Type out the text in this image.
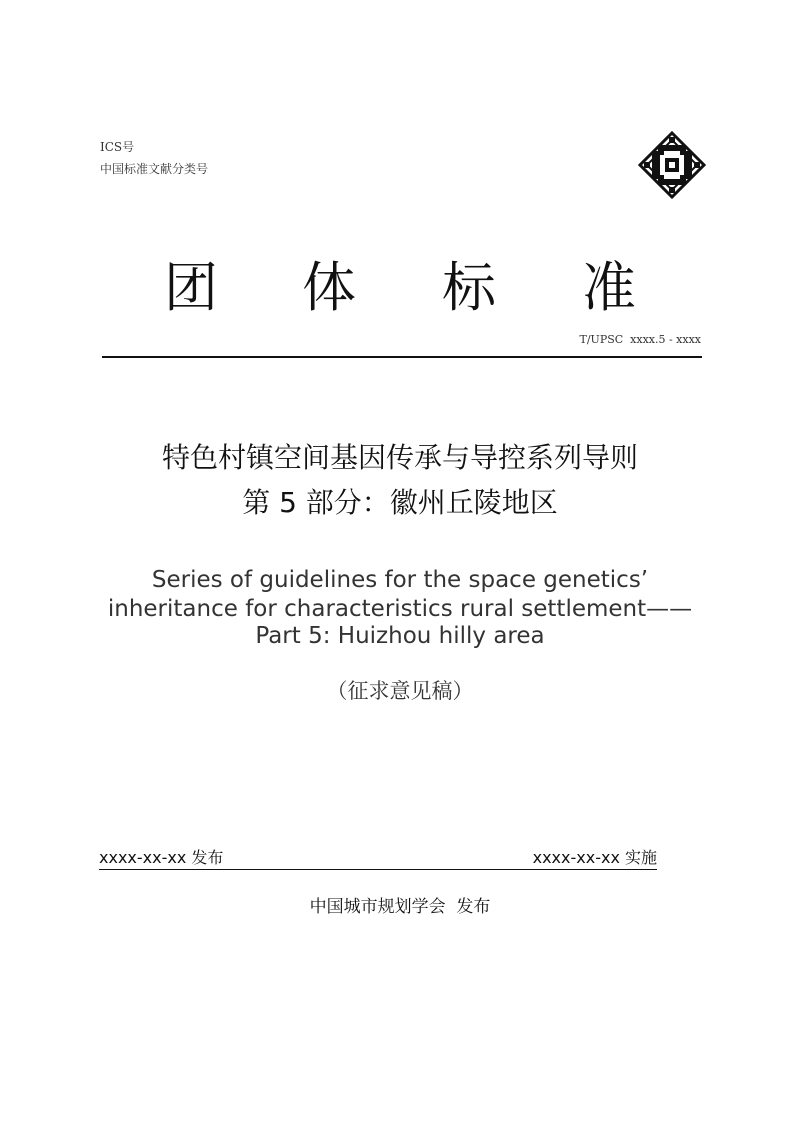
ICS号
中国标准文献分类号
团 体 标 准
T/UPSC  xxxx.5 - xxxx
特色村镇空间基因传承与导控系列导则
第 5 部分：徽州丘陵地区
Series of guidelines for the space genetics’
inheritance for characteristics rural settlement——
Part 5: Huizhou hilly area
（征求意见稿）
xxxx-xx-xx 发布	xxxx-xx-xx 实施
中国城市规划学会  发布
